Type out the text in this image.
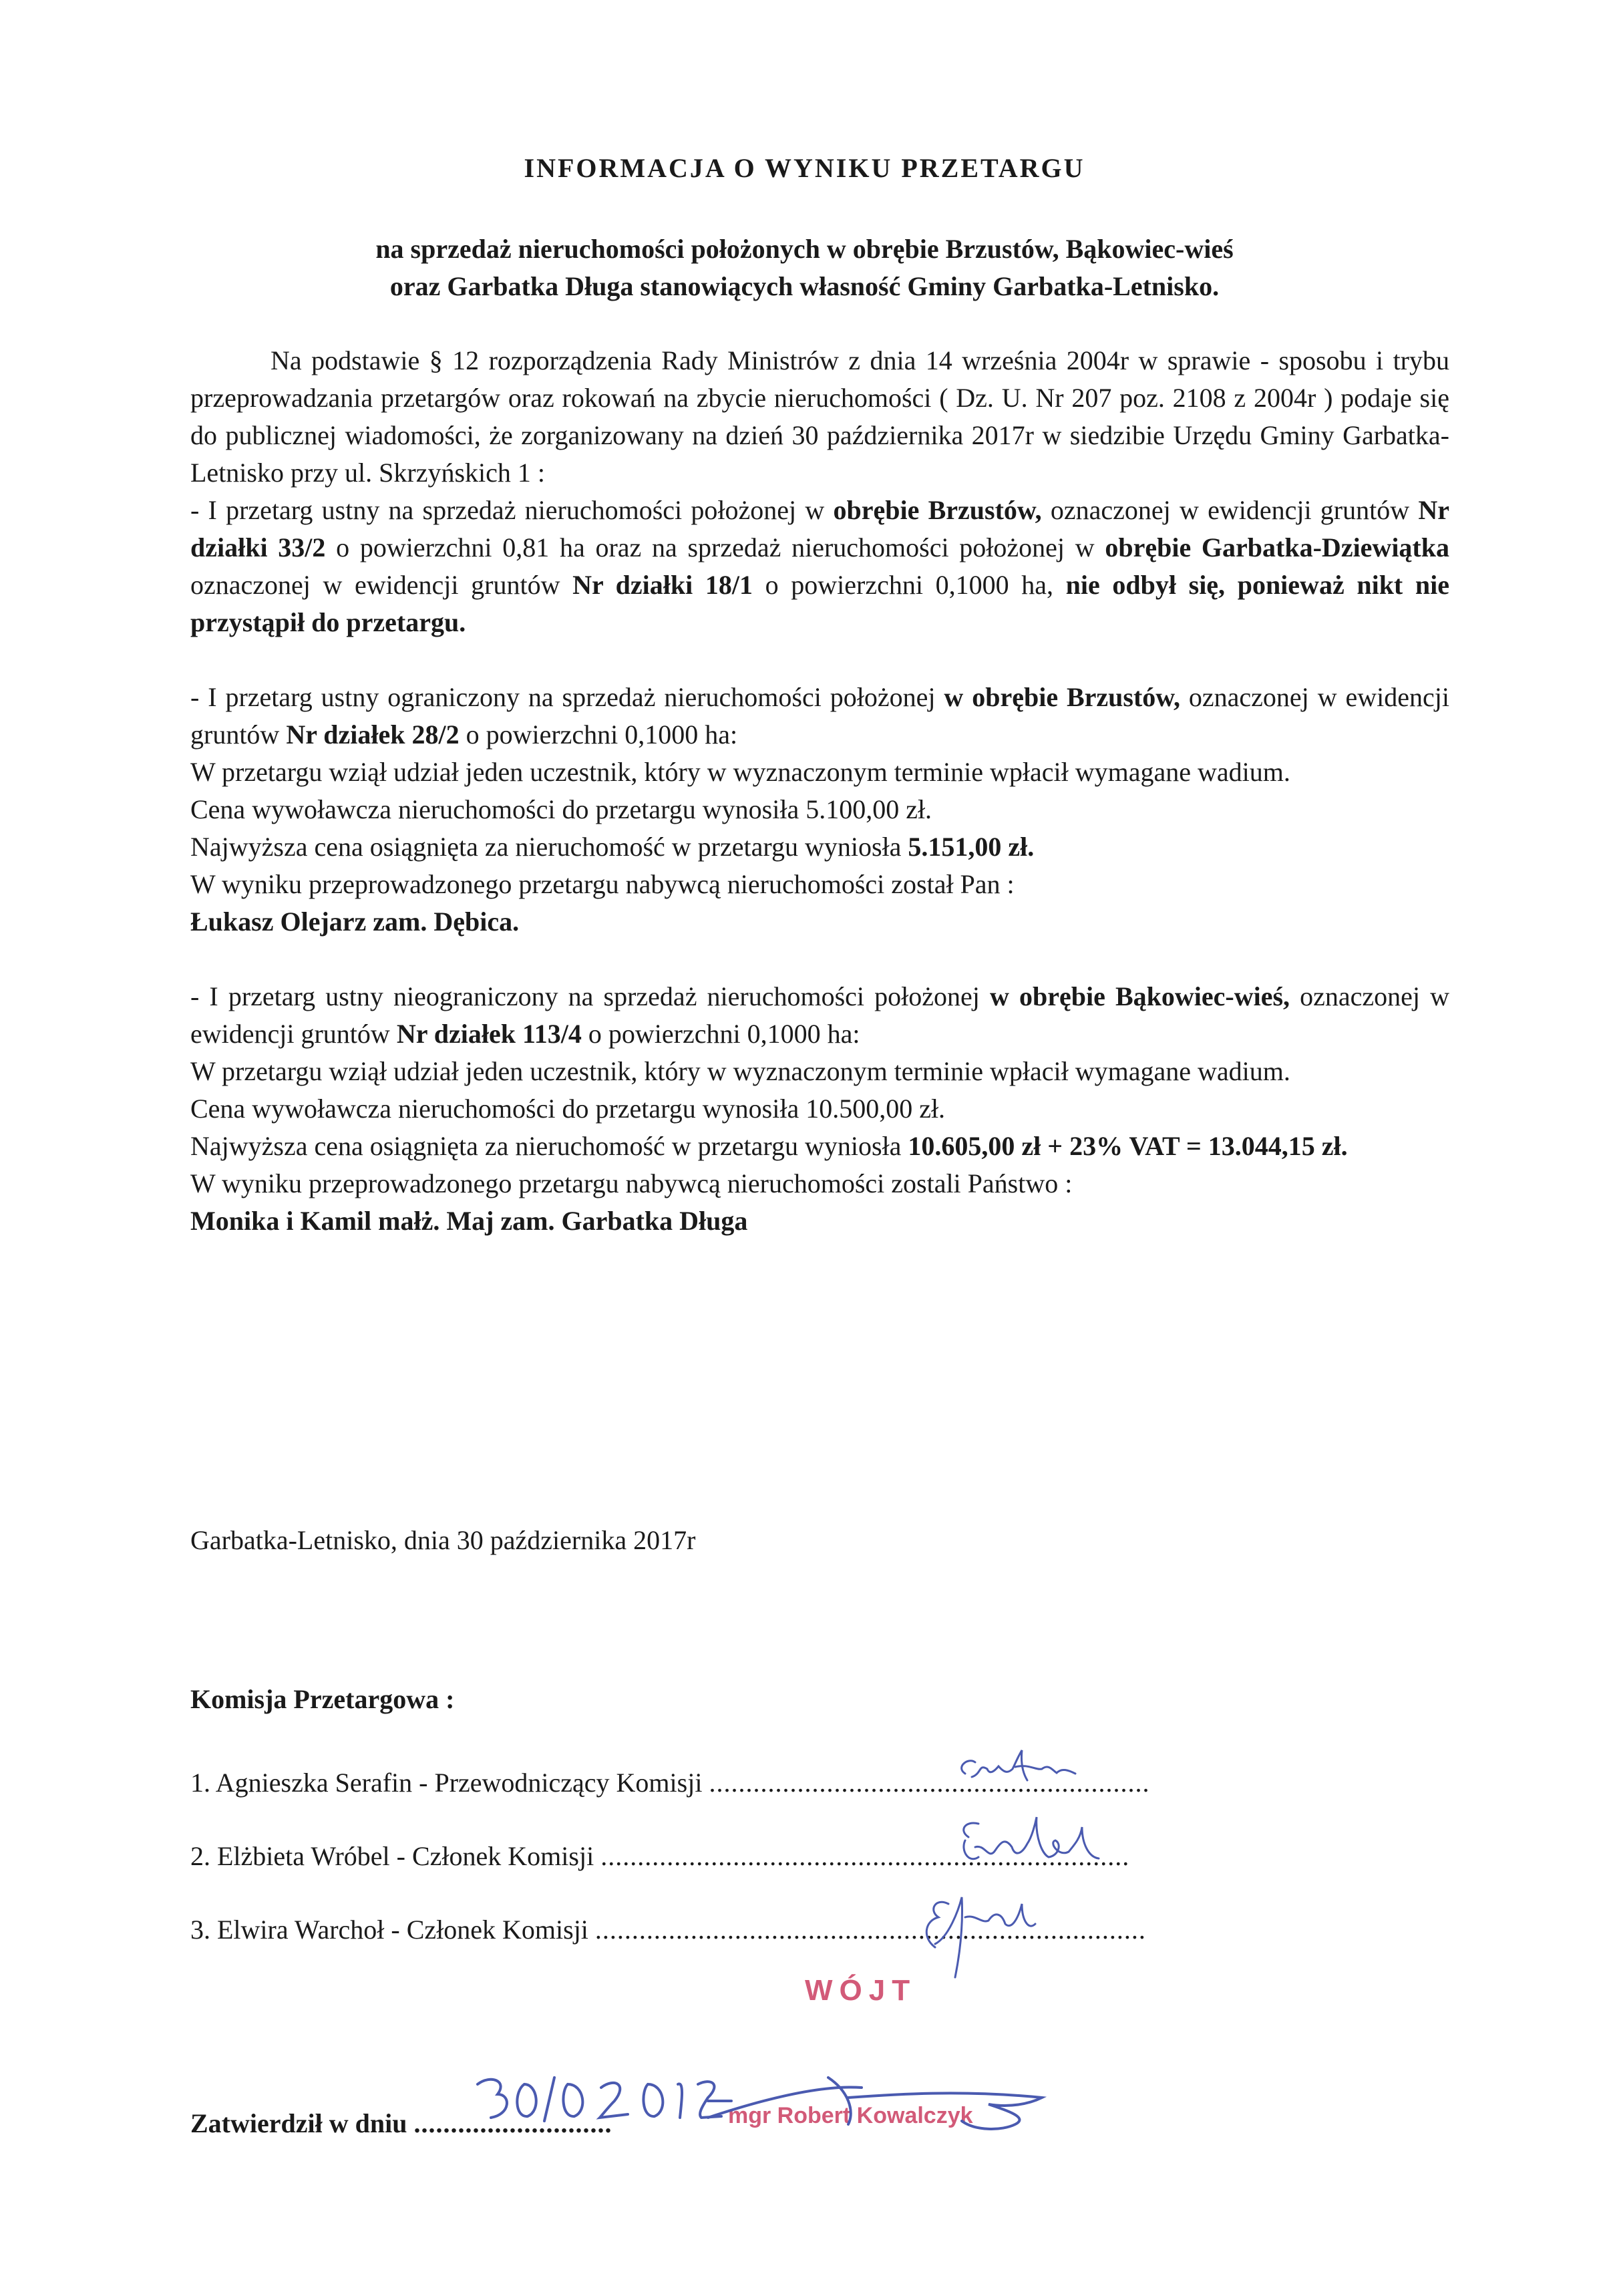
INFORMACJA O WYNIKU PRZETARGU
na sprzedaż nieruchomości położonych w obrębie Brzustów, Bąkowiec-wieś
oraz Garbatka Długa stanowiących własność Gminy Garbatka-Letnisko.

Na podstawie § 12 rozporządzenia Rady Ministrów z dnia 14 września 2004r w sprawie - sposobu i trybu przeprowadzania przetargów oraz rokowań na zbycie nieruchomości ( Dz. U. Nr 207 poz. 2108 z 2004r ) podaje się do publicznej wiadomości, że zorganizowany na dzień 30 października 2017r w siedzibie Urzędu Gminy Garbatka-Letnisko przy ul. Skrzyńskich 1 :

- I przetarg ustny na sprzedaż nieruchomości położonej w obrębie Brzustów, oznaczonej w ewidencji gruntów Nr działki 33/2 o powierzchni 0,81 ha oraz na sprzedaż nieruchomości położonej w obrębie Garbatka-Dziewiątka oznaczonej w ewidencji gruntów Nr działki 18/1 o powierzchni 0,1000 ha, nie odbył się, ponieważ nikt nie przystąpił do przetargu.

- I przetarg ustny ograniczony na sprzedaż nieruchomości położonej w obrębie Brzustów, oznaczonej w ewidencji gruntów Nr działek 28/2 o powierzchni 0,1000 ha:

W przetargu wziął udział jeden uczestnik, który w wyznaczonym terminie wpłacił wymagane wadium.

Cena wywoławcza nieruchomości do przetargu wynosiła 5.100,00 zł.

Najwyższa cena osiągnięta za nieruchomość w przetargu wyniosła 5.151,00 zł.

W wyniku przeprowadzonego przetargu nabywcą nieruchomości został Pan :

Łukasz Olejarz zam. Dębica.

- I przetarg ustny nieograniczony na sprzedaż nieruchomości położonej w obrębie Bąkowiec-wieś, oznaczonej w ewidencji gruntów Nr działek 113/4 o powierzchni 0,1000 ha:

W przetargu wziął udział jeden uczestnik, który w wyznaczonym terminie wpłacił wymagane wadium.

Cena wywoławcza nieruchomości do przetargu wynosiła 10.500,00 zł.

Najwyższa cena osiągnięta za nieruchomość w przetargu wyniosła 10.605,00 zł + 23% VAT = 13.044,15 zł.

W wyniku przeprowadzonego przetargu nabywcą nieruchomości zostali Państwo :

Monika i Kamil małż. Maj zam. Garbatka Długa

Garbatka-Letnisko, dnia 30 października 2017r
Komisja Przetargowa :
1. Agnieszka Serafin - Przewodniczący Komisji ............................................................
2. Elżbieta Wróbel - Członek Komisji ........................................................................
3. Elwira Warchoł - Członek Komisji ...........................................................................
Zatwierdził w dniu ...........................
WÓJT
mgr Robert Kowalczyk
